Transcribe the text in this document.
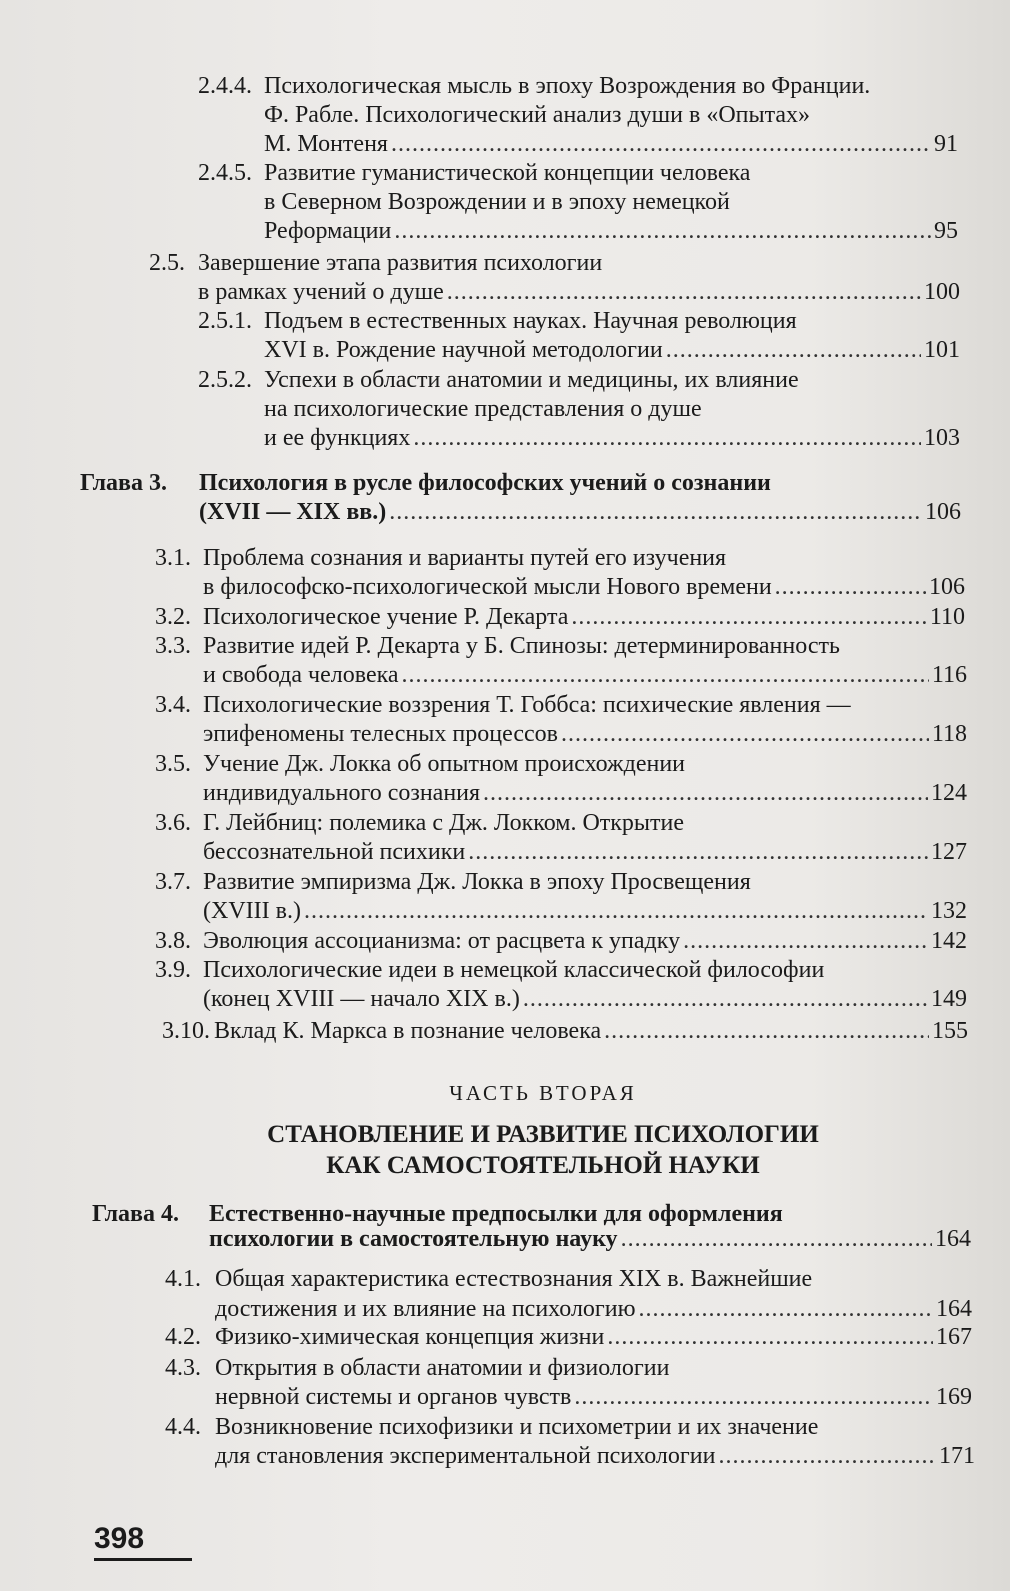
2.4.4. Психологическая мысль в эпоху Возрождения во Франции.
Ф. Рабле. Психологический анализ души в «Опытах»
М. Монтеня .....	91
2.4.5. Развитие гуманистической концепции человека
в Северном Возрождении и в эпоху немецкой
Реформации .....	95
2.5. Завершение этапа развития психологии
в рамках учений о душе .....	100
2.5.1. Подъем в естественных науках. Научная революция
XVI в. Рождение научной методологии .....	101
2.5.2. Успехи в области анатомии и медицины, их влияние
на психологические представления о душе
и ее функциях .....	103
Глава 3. Психология в русле философских учений о сознании
(XVII — XIX вв.) .....	106
3.1. Проблема сознания и варианты путей его изучения
в философско-психологической мысли Нового времени .....	106
3.2. Психологическое учение Р. Декарта .....	110
3.3. Развитие идей Р. Декарта у Б. Спинозы: детерминированность
и свобода человека .....	116
3.4. Психологические воззрения Т. Гоббса: психические явления —
эпифеномены телесных процессов .....	118
3.5. Учение Дж. Локка об опытном происхождении
индивидуального сознания .....	124
3.6. Г. Лейбниц: полемика с Дж. Локком. Открытие
бессознательной психики .....	127
3.7. Развитие эмпиризма Дж. Локка в эпоху Просвещения
(XVIII в.) .....	132
3.8. Эволюция ассоцианизма: от расцвета к упадку .....	142
3.9. Психологические идеи в немецкой классической философии
(конец XVIII — начало XIX в.) .....	149
3.10. Вклад К. Маркса в познание человека .....	155
ЧАСТЬ ВТОРАЯ
СТАНОВЛЕНИЕ И РАЗВИТИЕ ПСИХОЛОГИИ
КАК САМОСТОЯТЕЛЬНОЙ НАУКИ
Глава 4. Естественно-научные предпосылки для оформления
психологии в самостоятельную науку .....	164
4.1. Общая характеристика естествознания XIX в. Важнейшие
достижения и их влияние на психологию .....	164
4.2. Физико-химическая концепция жизни .....	167
4.3. Открытия в области анатомии и физиологии
нервной системы и органов чувств .....	169
4.4. Возникновение психофизики и психометрии и их значение
для становления экспериментальной психологии .....	171
398
